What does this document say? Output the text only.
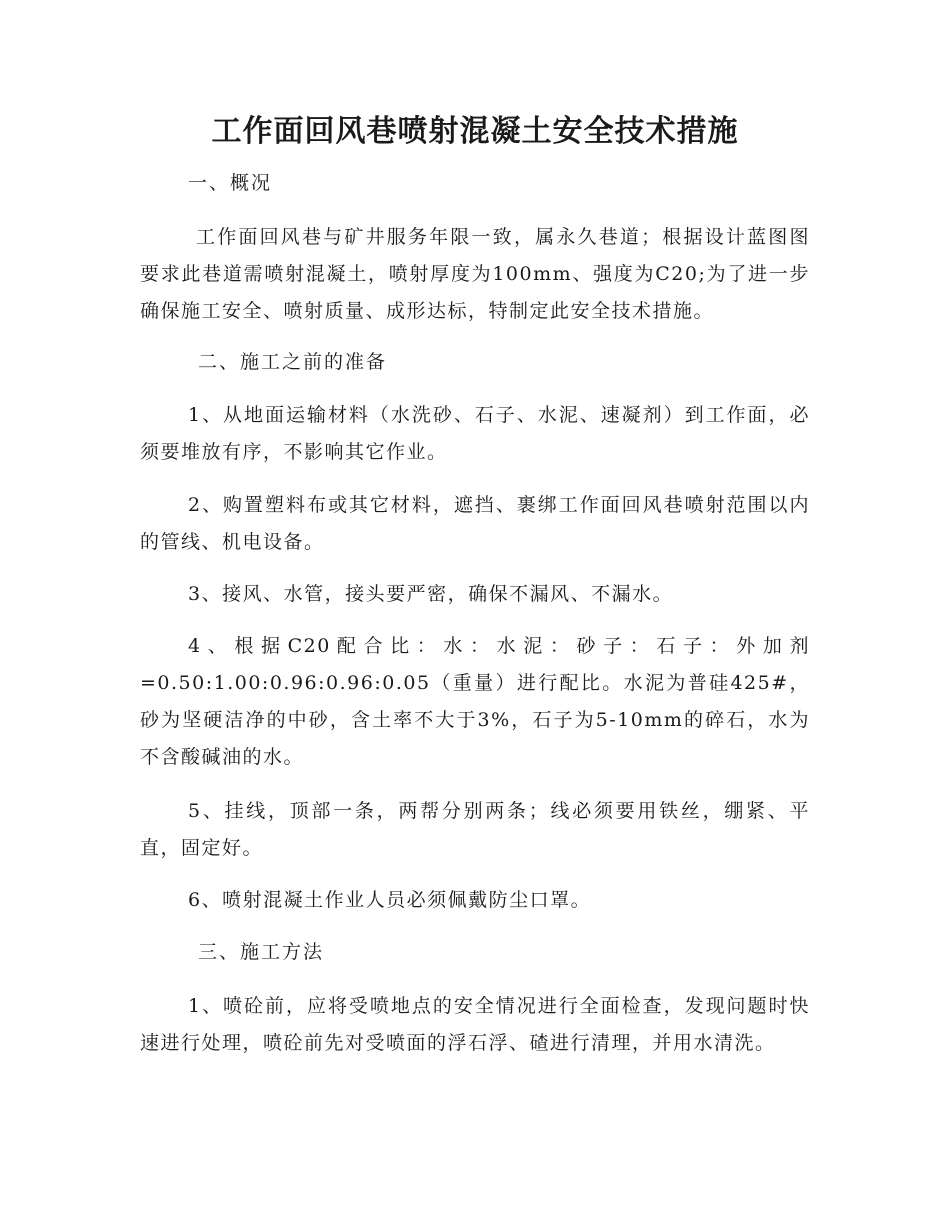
工作面回风巷喷射混凝土安全技术措施
一、概况
工作面回风巷与矿井服务年限一致，属永久巷道；根据设计蓝图图要求此巷道需喷射混凝土，喷射厚度为100mm、强度为C20;为了进一步确保施工安全、喷射质量、成形达标，特制定此安全技术措施。
二、施工之前的准备
1、从地面运输材料（水洗砂、石子、水泥、速凝剂）到工作面，必须要堆放有序，不影响其它作业。
2、购置塑料布或其它材料，遮挡、裹绑工作面回风巷喷射范围以内的管线、机电设备。
3、接风、水管，接头要严密，确保不漏风、不漏水。
4、根据C20配合比：水：水泥：砂子：石子：外加剂 =0.50:1.00:0.96:0.96:0.05（重量）进行配比。水泥为普硅425#，砂为坚硬洁净的中砂，含土率不大于3%，石子为5-10mm的碎石，水为不含酸碱油的水。
5、挂线，顶部一条，两帮分别两条；线必须要用铁丝，绷紧、平直，固定好。
6、喷射混凝土作业人员必须佩戴防尘口罩。
三、施工方法
1、喷砼前，应将受喷地点的安全情况进行全面检查，发现问题时快速进行处理，喷砼前先对受喷面的浮石浮、碴进行清理，并用水清洗。
